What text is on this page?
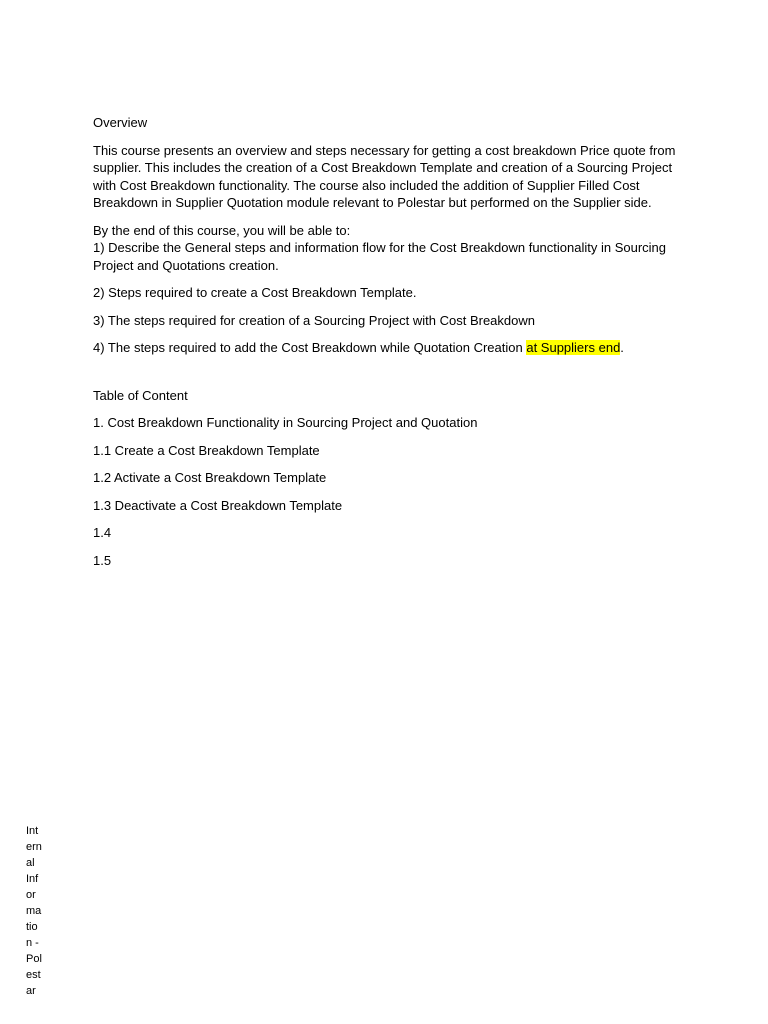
Overview

This course presents an overview and steps necessary for getting a cost breakdown Price quote from supplier. This includes the creation of a Cost Breakdown Template and creation of a Sourcing Project with Cost Breakdown functionality. The course also included the addition of Supplier Filled Cost Breakdown in Supplier Quotation module relevant to Polestar but performed on the Supplier side.

By the end of this course, you will be able to:
1) Describe the General steps and information flow for the Cost Breakdown functionality in Sourcing Project and Quotations creation.

2) Steps required to create a Cost Breakdown Template.

3) The steps required for creation of a Sourcing Project with Cost Breakdown

4) The steps required to add the Cost Breakdown while Quotation Creation at Suppliers end.

Table of Content

1. Cost Breakdown Functionality in Sourcing Project and Quotation

1.1 Create a Cost Breakdown Template

1.2 Activate a Cost Breakdown Template

1.3 Deactivate a Cost Breakdown Template

1.4

1.5

Int
ern
al
Inf
or
ma
tio
n -
Pol
est
ar
